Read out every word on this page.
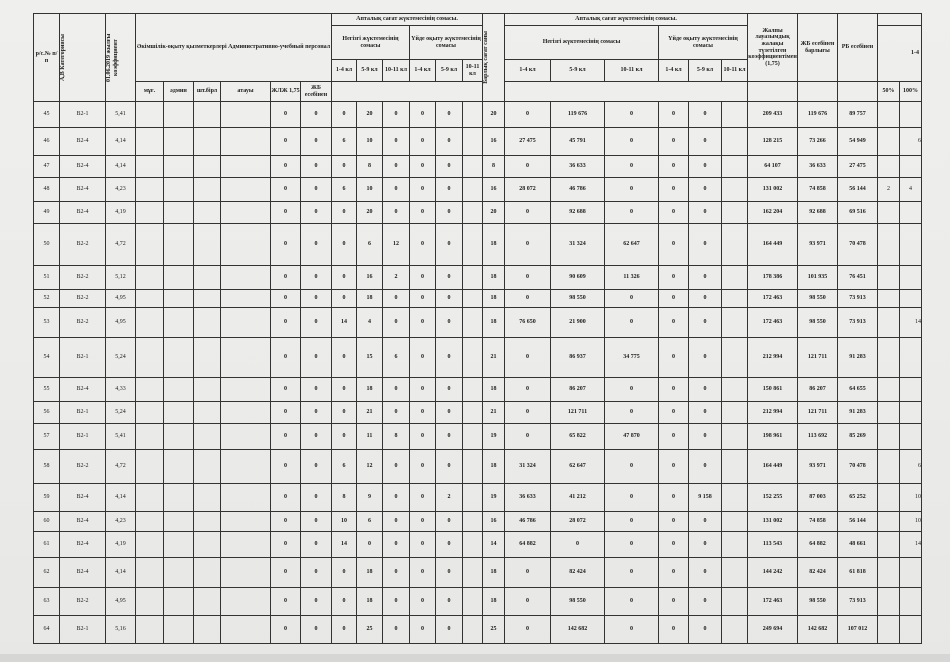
р/с.№ п/п	А,В Категориясы	01.06.2019 жылғы коэффициент	Әкімшілік-оқыту қызметкерлері Административно-учебный персонал						Апталық сағат жүктемесінің сомасы.						Барлық сағат саны	Апталық сағат жүктемесінің сомасы.						Жалпы лауазымдық жалақы түзетілген коэффициентімен (1,75)	ЖБ есебінен барлығы	РБ есебінен		
									Негізгі жүктемесінің сомасы			Үйде оқыту жүктемесінің сомасы				Негізгі жүктемесінің сомасы			Үйде оқыту жүктемесінің сомасы						1-4	
									1-4 кл	5-9 кл	10-11 кл	1-4 кл	5-9 кл	10-11 кл		1-4 кл	5-9 кл	10-11 кл	1-4 кл	5-9 кл	10-11 кл					
			мұғ.	әдмин	шт.бірл	атауы	ЖЛЖ 1,75	ЖБ есебінен																	50%	100%
45	В2-1	5,41					0	0	0	20	0	0	0		20	0	119 676	0	0	0		209 433	119 676	89 757		
46	В2-4	4,14					0	0	6	10	0	0	0		16	27 475	45 791	0	0	0		128 215	73 266	54 949		6
47	В2-4	4,14					0	0	0	8	0	0	0		8	0	36 633	0	0	0		64 107	36 633	27 475		
48	В2-4	4,23					0	0	6	10	0	0	0		16	28 072	46 786	0	0	0		131 002	74 858	56 144	2	4
49	В2-4	4,19					0	0	0	20	0	0	0		20	0	92 688	0	0	0		162 204	92 688	69 516		
50	В2-2	4,72					0	0	0	6	12	0	0		18	0	31 324	62 647	0	0		164 449	93 971	70 478		
51	В2-2	5,12					0	0	0	16	2	0	0		18	0	90 609	11 326	0	0		178 386	101 935	76 451		
52	В2-2	4,95					0	0	0	18	0	0	0		18	0	98 550	0	0	0		172 463	98 550	73 913		
53	В2-2	4,95					0	0	14	4	0	0	0		18	76 650	21 900	0	0	0		172 463	98 550	73 913		14
54	В2-1	5,24					0	0	0	15	6	0	0		21	0	86 937	34 775	0	0		212 994	121 711	91 283		
55	В2-4	4,33					0	0	0	18	0	0	0		18	0	86 207	0	0	0		150 861	86 207	64 655		
56	В2-1	5,24					0	0	0	21	0	0	0		21	0	121 711	0	0	0		212 994	121 711	91 283		
57	В2-1	5,41					0	0	0	11	8	0	0		19	0	65 822	47 870	0	0		198 961	113 692	85 269		
58	В2-2	4,72					0	0	6	12	0	0	0		18	31 324	62 647	0	0	0		164 449	93 971	70 478		6
59	В2-4	4,14					0	0	8	9	0	0	2		19	36 633	41 212	0	0	9 158		152 255	87 003	65 252		10
60	В2-4	4,23					0	0	10	6	0	0	0		16	46 786	28 072	0	0	0		131 002	74 858	56 144		10
61	В2-4	4,19					0	0	14	0	0	0	0		14	64 882	0	0	0	0		113 543	64 882	48 661		14
62	В2-4	4,14					0	0	0	18	0	0	0		18	0	82 424	0	0	0		144 242	82 424	61 818		
63	В2-2	4,95					0	0	0	18	0	0	0		18	0	98 550	0	0	0		172 463	98 550	73 913		
64	В2-1	5,16					0	0	0	25	0	0	0		25	0	142 682	0	0	0		249 694	142 682	107 012		
